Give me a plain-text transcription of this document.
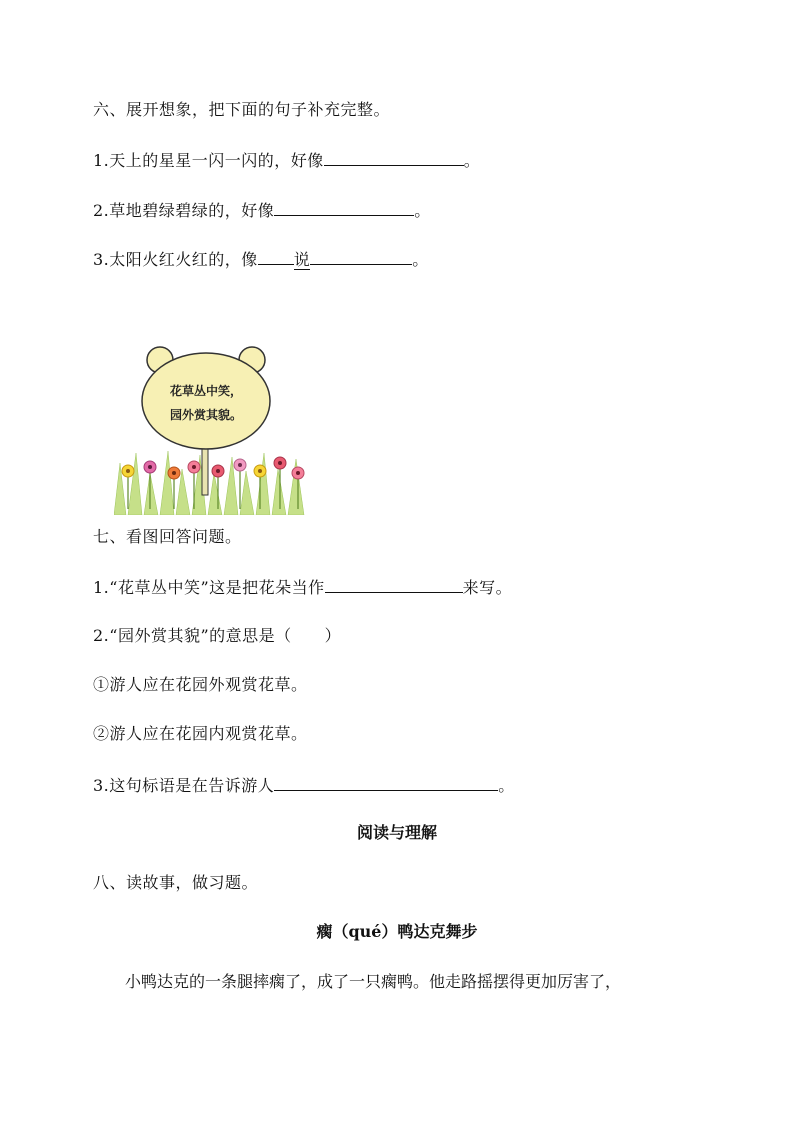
六、展开想象，把下面的句子补充完整。
1.天上的星星一闪一闪的，好像	。
2.草地碧绿碧绿的，好像	。
3.太阳火红火红的，像 说	。
花草丛中笑，
园外赏其貌。
七、看图回答问题。
1.“花草丛中笑”这是把花朵当作	来写。
2.“园外赏其貌”的意思是（　　）
①游人应在花园外观赏花草。
②游人应在花园内观赏花草。
3.这句标语是在告诉游人	。
阅读与理解
八、读故事，做习题。
瘸（qué）鸭达克舞步
小鸭达克的一条腿摔瘸了，成了一只瘸鸭。他走路摇摆得更加厉害了，
